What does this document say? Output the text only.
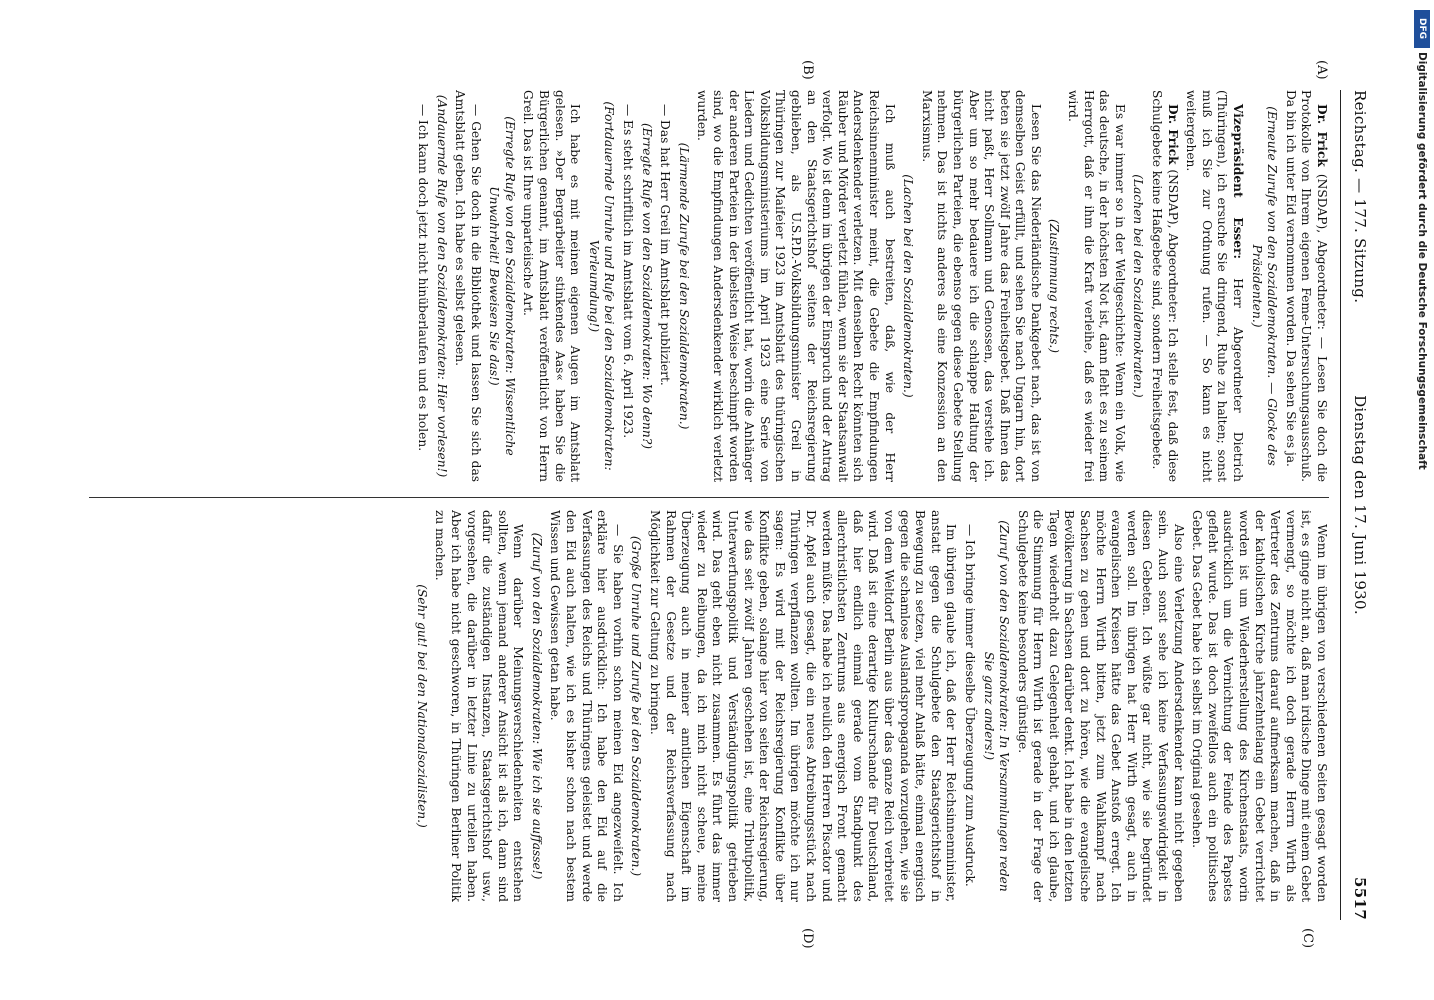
Reichstag. — 177. Sitzung.
Dienstag den 17. Juni 1930.
5517
(A)
(B)
(C)
(D)

Dr. Frick (NSDAP), Abgeordneter: — Lesen Sie doch die Protokolle von Ihrem eigenen Feme-Untersuchungsausschuß. Da bin ich unter Eid vernommen worden. Da sehen Sie es ja.

(Erneute Zurufe von den Sozialdemokraten. — Glocke des Präsidenten.)

Vizepräsident Esser: Herr Abgeordneter Dietrich (Thüringen), ich ersuche Sie dringend, Ruhe zu halten; sonst muß ich Sie zur Ordnung rufen. — So kann es nicht weitergehen.

Dr. Frick (NSDAP), Abgeordneter: Ich stelle fest, daß diese Schulgebete keine Haßgebete sind, sondern Freiheitsgebete.

(Lachen bei den Sozialdemokraten.)

Es war immer so in der Weltgeschichte: Wenn ein Volk, wie das deutsche, in der höchsten Not ist, dann fleht es zu seinem Herrgott, daß er ihm die Kraft verleihe, daß es wieder frei wird.

(Zustimmung rechts.)

Lesen Sie das Niederländische Dankgebet nach, das ist von demselben Geist erfüllt, und sehen Sie nach Ungarn hin, dort beten sie jetzt zwölf Jahre das Freiheitsgebet. Daß Ihnen das nicht paßt, Herr Sollmann und Genossen, das verstehe ich. Aber um so mehr bedauere ich die schlappe Haltung der bürgerlichen Parteien, die ebenso gegen diese Gebete Stellung nehmen. Das ist nichts anderes als eine Konzession an den Marxismus.

(Lachen bei den Sozialdemokraten.)

Ich muß auch bestreiten, daß, wie der Herr Reichsinnenminister meint, die Gebete die Empfindungen Andersdenkender verletzen. Mit denselben Recht könnten sich Räuber und Mörder verletzt fühlen, wenn sie der Staatsanwalt verfolgt. Wo ist denn im übrigen der Einspruch und der Antrag an den Staatsgerichtshof seitens der Reichsregierung geblieben, als U.S.P.D.-Volksbildungsminister Greil in Thüringen zur Maifeier 1923 im Amtsblatt des thüringischen Volksbildungsministeriums im April 1923 eine Serie von Liedern und Gedichten veröffentlicht hat, worin die Anhänger der anderen Parteien in der übelsten Weise beschimpft worden sind, wo die Empfindungen Andersdenkender wirklich verletzt wurden.

(Lärmende Zurufe bei den Sozialdemokraten.)

— Das hat Herr Greil im Amtsblatt publiziert.

(Erregte Rufe von den Sozialdemokraten: Wo denn?)

— Es steht schriftlich im Amtsblatt vom 6. April 1923.

(Fortdauernde Unruhe und Rufe bei den Sozialdemokraten: Verleumdung!)

Ich habe es mit meinen eigenen Augen im Amtsblatt gelesen. »Der Bergarbeiter stinkendes Aas« haben Sie die Bürgerlichen genannt, im Amtsblatt veröffentlicht von Herrn Greil. Das ist Ihre unparteiische Art.

(Erregte Rufe von den Sozialdemokraten: Wissentliche Unwahrheit! Beweisen Sie das!)

— Gehen Sie doch in die Bibliothek und lassen Sie sich das Amtsblatt geben. Ich habe es selbst gelesen.

(Andauernde Rufe von den Sozialdemokraten: Hier vorlesen!)

— Ich kann doch jetzt nicht hinüberlaufen und es holen.

Wenn im übrigen von verschiedenen Seiten gesagt worden ist, es ginge nicht an, daß man irdische Dinge mit einem Gebet vermengt, so möchte ich doch gerade Herrn Wirth als Vertreter des Zentrums darauf aufmerksam machen, daß in der katholischen Kirche jahrzehntelang ein Gebet verrichtet worden ist um Wiederherstellung des Kirchenstaats, worin ausdrücklich um die Vernichtung der Feinde des Papstes gefleht wurde. Das ist doch zweifellos auch ein politisches Gebet. Das Gebet habe ich selbst im Original gesehen.

Also eine Verletzung Andersdenkender kann nicht gegeben sein. Auch sonst sehe ich keine Verfassungswidrigkeit in diesen Gebeten. Ich wüßte gar nicht, wie sie begründet werden soll. Im übrigen hat Herr Wirth gesagt, auch in evangelischen Kreisen hätte das Gebet Anstoß erregt. Ich möchte Herrn Wirth bitten, jetzt zum Wahlkampf nach Sachsen zu gehen und dort zu hören, wie die evangelische Bevölkerung in Sachsen darüber denkt. Ich habe in den letzten Tagen wiederholt dazu Gelegenheit gehabt, und ich glaube, die Stimmung für Herrn Wirth ist gerade in der Frage der Schulgebete keine besonders günstige.

(Zuruf von den Sozialdemokraten: In Versammlungen reden Sie ganz anders!)

— Ich bringe immer dieselbe Überzeugung zum Ausdruck.

Im übrigen glaube ich, daß der Herr Reichsinnenminister, anstatt gegen die Schulgebete den Staatsgerichtshof in Bewegung zu setzen, viel mehr Anlaß hätte, einmal energisch gegen die schamlose Auslandspropaganda vorzugehen, wie sie von dem Weltdorf Berlin aus über das ganze Reich verbreitet wird. Daß ist eine derartige Kulturschande für Deutschland, daß hier endlich einmal gerade vom Standpunkt des allerchristlichsten Zentrums aus energisch Front gemacht werden müßte. Das habe ich neulich den Herren Piscator und Dr. Apfel auch gesagt, die ein neues Abtreibungsstück nach Thüringen verpflanzen wollten. Im übrigen möchte ich nur sagen: Es wird mit der Reichsregierung Konflikte über Konflikte geben, solange hier von seiten der Reichsregierung, wie das seit zwölf Jahren geschehen ist, eine Tributpolitik, Unterwerfungspolitik und Verständigungspolitik getrieben wird. Das geht eben nicht zusammen. Es führt das immer wieder zu Reibungen, da ich mich nicht scheue, meine Überzeugung auch in meiner amtlichen Eigenschaft im Rahmen der Gesetze und der Reichsverfassung nach Möglichkeit zur Geltung zu bringen.

(Große Unruhe und Zurufe bei den Sozialdemokraten.)

— Sie haben vorhin schon meinen Eid angezweifelt. Ich erkläre hier ausdrücklich: Ich habe den Eid auf die Verfassungen des Reichs und Thüringens geleistet und werde den Eid auch halten, wie ich es bisher schon nach bestem Wissen und Gewissen getan habe.

(Zuruf von den Sozialdemokraten: Wie ich sie auffasse!)

Wenn darüber Meinungsverschiedenheiten entstehen sollten, wenn jemand anderer Ansicht ist als ich, dann sind dafür die zuständigen Instanzen, Staatsgerichtshof usw., vorgesehen, die darüber in letzter Linie zu urteilen haben. Aber ich habe nicht geschworen, in Thüringen Berliner Politik zu machen.

(Sehr gut! bei den Nationalsozialisten.)

DFG
Digitalisierung gefördert durch die Deutsche Forschungsgemeinschaft
